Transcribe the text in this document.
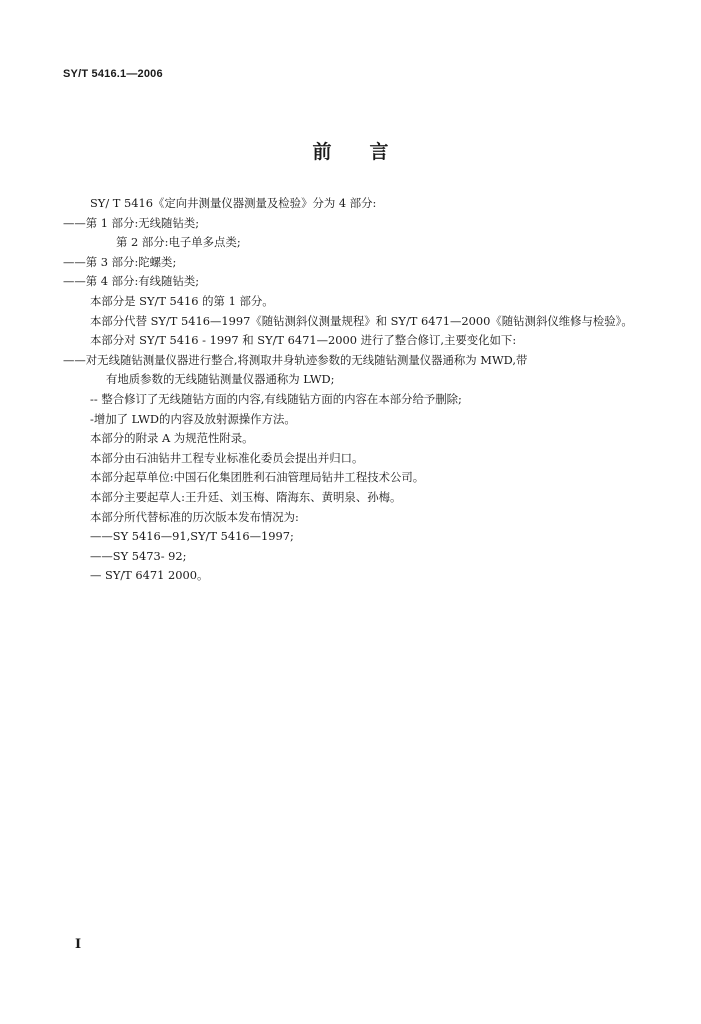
SY/T 5416.1—2006
前言
SY/ T 5416《定向井测量仪器测量及检验》分为 4 部分:
——第 1 部分:无线随钻类;
第 2 部分:电子单多点类;
——第 3 部分:陀螺类;
——第 4 部分:有线随钻类;
本部分是 SY/T 5416 的第 1 部分。
本部分代替 SY/T 5416—1997《随钻测斜仪测量规程》和 SY/T 6471—2000《随钻测斜仪维修与检验》。
本部分对 SY/T 5416 - 1997 和 SY/T 6471—2000 进行了整合修订,主要变化如下:
——对无线随钻测量仪器进行整合,将测取井身轨迹参数的无线随钻测量仪器通称为 MWD,带
有地质参数的无线随钻测量仪器通称为 LWD;
-- 整合修订了无线随钻方面的内容,有线随钻方面的内容在本部分给予删除;
-增加了 LWD的内容及放射源操作方法。
本部分的附录 A 为规范性附录。
本部分由石油钻井工程专业标准化委员会提出并归口。
本部分起草单位:中国石化集团胜利石油管理局钻井工程技术公司。
本部分主要起草人:王升廷、刘玉梅、隋海东、黄明泉、孙梅。
本部分所代替标准的历次版本发布情况为:
——SY 5416—91,SY/T 5416—1997;
——SY 5473- 92;
— SY/T 6471 2000。
I
